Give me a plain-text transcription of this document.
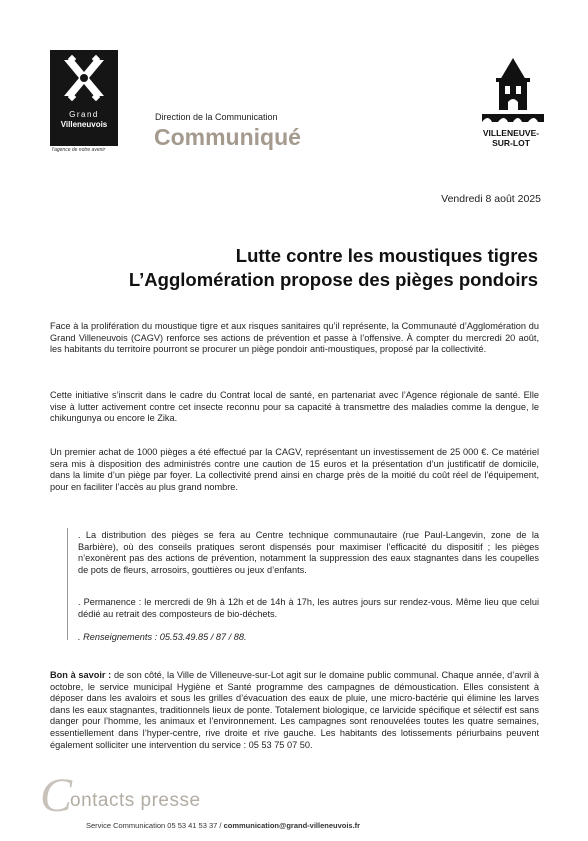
Grand
Villeneuvois
l'agence de notre avenir
Direction de la Communication
Communiqué	VILLENEUVE-
SUR-LOT
Vendredi 8 août 2025
Lutte contre les moustiques tigres
L’Agglomération propose des pièges pondoirs
Face à la prolifération du moustique tigre et aux risques sanitaires qu’il représente, la Communauté d’Agglomération du Grand Villeneuvois (CAGV) renforce ses actions de prévention et passe à l’offensive. À compter du mercredi 20 août, les habitants du territoire pourront se procurer un piège pondoir anti-moustiques, proposé par la collectivité.
Cette initiative s’inscrit dans le cadre du Contrat local de santé, en partenariat avec l’Agence régionale de santé. Elle vise à lutter activement contre cet insecte reconnu pour sa capacité à transmettre des maladies comme la dengue, le chikungunya ou encore le Zika.
Un premier achat de 1000 pièges a été effectué par la CAGV, représentant un investissement de 25 000 €. Ce matériel sera mis à disposition des administrés contre une caution de 15 euros et la présentation d’un justificatif de domicile, dans la limite d’un piège par foyer. La collectivité prend ainsi en charge près de la moitié du coût réel de l’équipement, pour en faciliter l’accès au plus grand nombre.
. La distribution des pièges se fera au Centre technique communautaire (rue Paul-Langevin, zone de la Barbière), où des conseils pratiques seront dispensés pour maximiser l’efficacité du dispositif ; les pièges n’exonèrent pas des actions de prévention, notamment la suppression des eaux stagnantes dans les coupelles de pots de fleurs, arrosoirs, gouttières ou jeux d’enfants.
. Permanence : le mercredi de 9h à 12h et de 14h à 17h, les autres jours sur rendez-vous. Même lieu que celui dédié au retrait des composteurs de bio-déchets.
. Renseignements : 05.53.49.85 / 87 / 88.
Bon à savoir : de son côté, la Ville de Villeneuve-sur-Lot agit sur le domaine public communal. Chaque année, d’avril à octobre, le service municipal Hygiène et Santé programme des campagnes de démoustication. Elles consistent à déposer dans les avaloirs et sous les grilles d’évacuation des eaux de pluie, une micro-bactérie qui élimine les larves dans les eaux stagnantes, traditionnels lieux de ponte. Totalement biologique, ce larvicide spécifique et sélectif est sans danger pour l’homme, les animaux et l’environnement. Les campagnes sont renouvelées toutes les quatre semaines, essentiellement dans l’hyper-centre, rive droite et rive gauche. Les habitants des lotissements périurbains peuvent également solliciter une intervention du service : 05 53 75 07 50.
C
ontacts presse
Service Communication 05 53 41 53 37 / communication@grand-villeneuvois.fr
